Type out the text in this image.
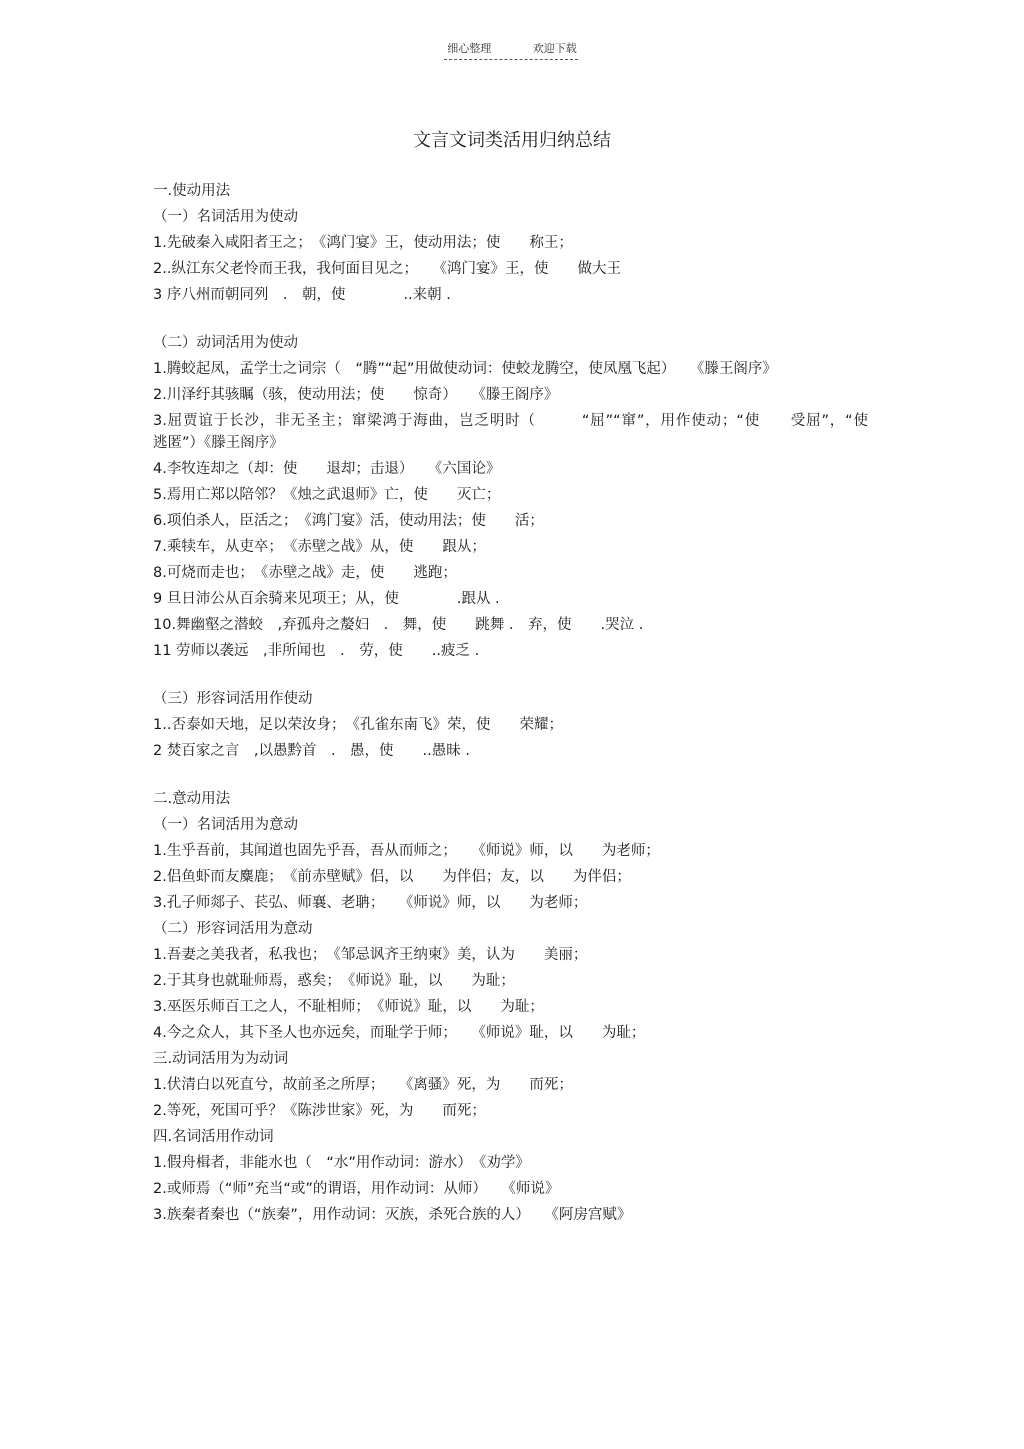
细心整理	欢迎下载
文言文词类活用归纳总结
一.使动用法
（一）名词活用为使动
1.先破秦入咸阳者王之；　《鸿门宴》王，使动用法；使　　称王；
2..纵江东父老怜而王我，我何面目见之；　　《鸿门宴》王，使　　做大王
3 序八州而朝同列　.　朝，使　　　　..来朝 .
（二）动词活用为使动
1.腾蛟起凤，孟学士之词宗（　“腾”“起”用做使动词：使蛟龙腾空，使凤凰飞起）　　《滕王阁序》
2.川泽纡其骇瞩（骇，使动用法；使　　惊奇）　　《滕王阁序》
3.屈贾谊于长沙，非无圣主；窜梁鸿于海曲，岂乏明时（　　　“屈”“窜”，用作使动；“使　　受屈”，“使　　逃匿”）《滕王阁序》
4.李牧连却之（却：使　　退却；击退）　　《六国论》
5.焉用亡郑以陪邻？《烛之武退师》亡，使　　灭亡；
6.项伯杀人，臣活之；　《鸿门宴》活，使动用法；使　　活；
7.乘犊车，从吏卒；　《赤壁之战》从，使　　跟从；
8.可烧而走也；　《赤壁之战》走，使　　逃跑；
9 旦日沛公从百余骑来见项王；从，使　　　　.跟从 .
10.舞幽壑之潜蛟　,弃孤舟之嫠妇　.　舞，使　　跳舞 .　弃，使　　.哭泣 .
11 劳师以袭远　,非所闻也　.　劳，使　　..疲乏 .
（三）形容词活用作使动
1..否泰如天地，足以荣汝身；　《孔雀东南飞》荣，使　　荣耀；
2 焚百家之言　,以愚黔首　.　愚，使　　..愚昧 .
二.意动用法
（一）名词活用为意动
1.生乎吾前，其闻道也固先乎吾，吾从而师之；　　《师说》师，以　　为老师；
2.侣鱼虾而友麋鹿；　《前赤壁赋》侣，以　　为伴侣；友，以　　为伴侣；
3.孔子师郯子、苌弘、师襄、老聃；　　《师说》师，以　　为老师；
（二）形容词活用为意动
1.吾妻之美我者，私我也；　《邹忌讽齐王纳柬》美，认为　　美丽；
2.于其身也就耻师焉，惑矣；　《师说》耻，以　　为耻；
3.巫医乐师百工之人，不耻相师；　《师说》耻，以　　为耻；
4.今之众人，其下圣人也亦远矣，而耻学于师；　　《师说》耻，以　　为耻；
三.动词活用为为动词
1.伏清白以死直兮，故前圣之所厚；　　《离骚》死，为　　而死；
2.等死，死国可乎？《陈涉世家》死，为　　而死；
四.名词活用作动词
1.假舟楫者，非能水也（　“水”用作动词：游水）　《劝学》
2.或师焉（“师”充当“或”的谓语，用作动词：从师）　　《师说》
3.族秦者秦也（“族秦”，用作动词：灭族，杀死合族的人）　　《阿房宫赋》
